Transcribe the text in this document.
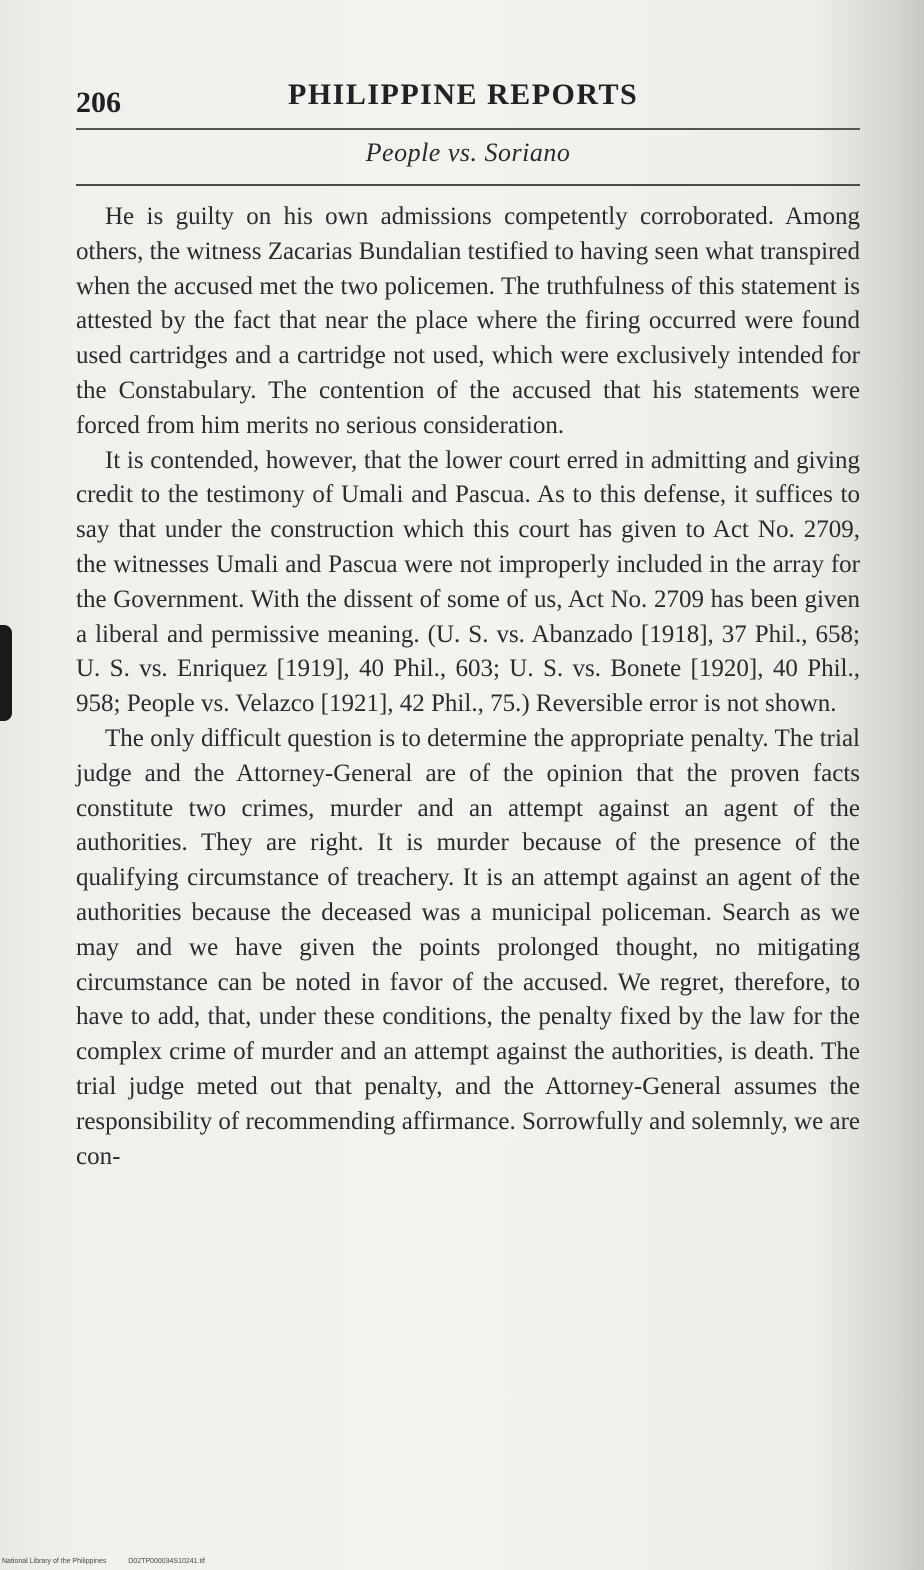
206	PHILIPPINE REPORTS
People vs. Soriano

He is guilty on his own admissions competently corroborated. Among others, the witness Zacarias Bundalian testified to having seen what transpired when the accused met the two policemen. The truthfulness of this statement is attested by the fact that near the place where the firing occurred were found used cartridges and a cartridge not used, which were exclusively intended for the Constabulary. The contention of the accused that his statements were forced from him merits no serious consideration.

It is contended, however, that the lower court erred in admitting and giving credit to the testimony of Umali and Pascua. As to this defense, it suffices to say that under the construction which this court has given to Act No. 2709, the witnesses Umali and Pascua were not improperly included in the array for the Government. With the dissent of some of us, Act No. 2709 has been given a liberal and permissive meaning. (U. S. vs. Abanzado [1918], 37 Phil., 658; U. S. vs. Enriquez [1919], 40 Phil., 603; U. S. vs. Bonete [1920], 40 Phil., 958; People vs. Velazco [1921], 42 Phil., 75.) Reversible error is not shown.

The only difficult question is to determine the appropriate penalty. The trial judge and the Attorney-General are of the opinion that the proven facts constitute two crimes, murder and an attempt against an agent of the authorities. They are right. It is murder because of the presence of the qualifying circumstance of treachery. It is an attempt against an agent of the authorities because the deceased was a municipal policeman. Search as we may and we have given the points prolonged thought, no mitigating circumstance can be noted in favor of the accused. We regret, therefore, to have to add, that, under these conditions, the penalty fixed by the law for the complex crime of murder and an attempt against the authorities, is death. The trial judge meted out that penalty, and the Attorney-General assumes the responsibility of recommending affirmance. Sorrowfully and solemnly, we are con-

National Library of the Philippines	D02TP000034S10241.tif
